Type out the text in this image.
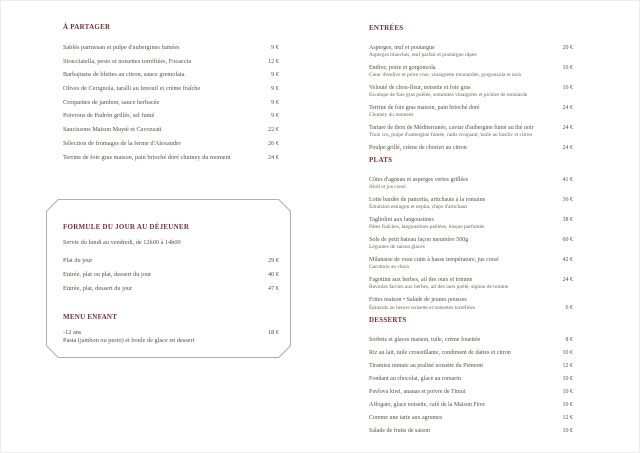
À PARTAGER
Sablés parmesan et pulpe d'aubergines fumées	9 €
Stracciatella, pesto et noisettes torréfiées, Focaccia	12 €
Barbajuans de blettes au citron, sauce gremolata	9 €
Olives de Cerignola, taralli au fenouil et crème fraîche	9 €
Croquettes de jambon, sauce herbacée	9 €
Poivrons de Padrón grillés, sel fumé	9 €
Saucissons Maison Mayté et Cavozzati	22 €
Sélection de fromages de la ferme d'Alexandre	26 €
Terrine de foie gras maison, pain brioché doré chutney du moment	24 €
FORMULE DU JOUR AU DÉJEUNER

Servie du lundi au vendredi, de 12h00 à 14h00

Plat du jour	29 €
Entrée, plat ou plat, dessert du jour	40 €
Entrée, plat, dessert du jour	47 €
MENU ENFANT
-12 ans	18 €

Pasta (jambon ou pesto) et boule de glace en dessert

ENTRÉES
Asperges, œuf et poutargue	20 €
Asperges blanches, œuf parfait et poutargue râpée
Endive, poire et gorgonzola	16 €
Cœur d'endive et poire crue, vinaigrette moutardée, gorgonzola et noix
Velouté de chou-fleur, noisette et foie gras	16 €
Escalope de foie gras poêlée, sommités vinaigrées et pickles de moutarde
Terrine de foie gras maison, pain brioché doré	24 €
Chutney du moment
Tartare de thon de Méditerranée, caviar d'aubergine fumé au thé noir	24 €
Thon cru, pulpe d'aubergine fumée, radis croquant, huile au basilic et citron
Poulpe grillé, crème de chorizo au citron	24 €
PLATS
Côtes d'agneau et asperges vertes grillées	41 €
Aïoli et jus corsé
Lotte bardée de pancetta, artichauts à la romaine	36 €
Émulsion estragon et nepita, chips d'artichaut
Tagliolini aux langoustines	38 €
Pâtes fraîches, langoustines poêlées, bisque parfumée
Sole de petit bateau façon meunière 500g	60 €
Légumes de saison glacés
Milanaise de veau cuite à basse température, jus corsé	42 €
Garniture au choix
Fagottini aux herbes, ail des ours et tomme	24 €
Ravioles farcies aux herbes, ail des ours poêlé, siphon de tomme
Frites maison • Salade de jeunes pousses
Épinards au beurre noisette et noisettes torréfiées	6 €
DESSERTS
Sorbets et glaces maison, tuile, crème fouettée	8 €
Riz au lait, tuile croustillante, condiment de dattes et citron	10 €
Tiramisu minute au praliné noisette du Piémont	12 €
Fondant au chocolat, glace au romarin	10 €
Pavlova kiwi, ananas et poivre de Timut	10 €
Affogato, glace noisette, café de la Maison Fève	10 €
Comme une tarte aux agrumes	12 €
Salade de fruits de saison	10 €
